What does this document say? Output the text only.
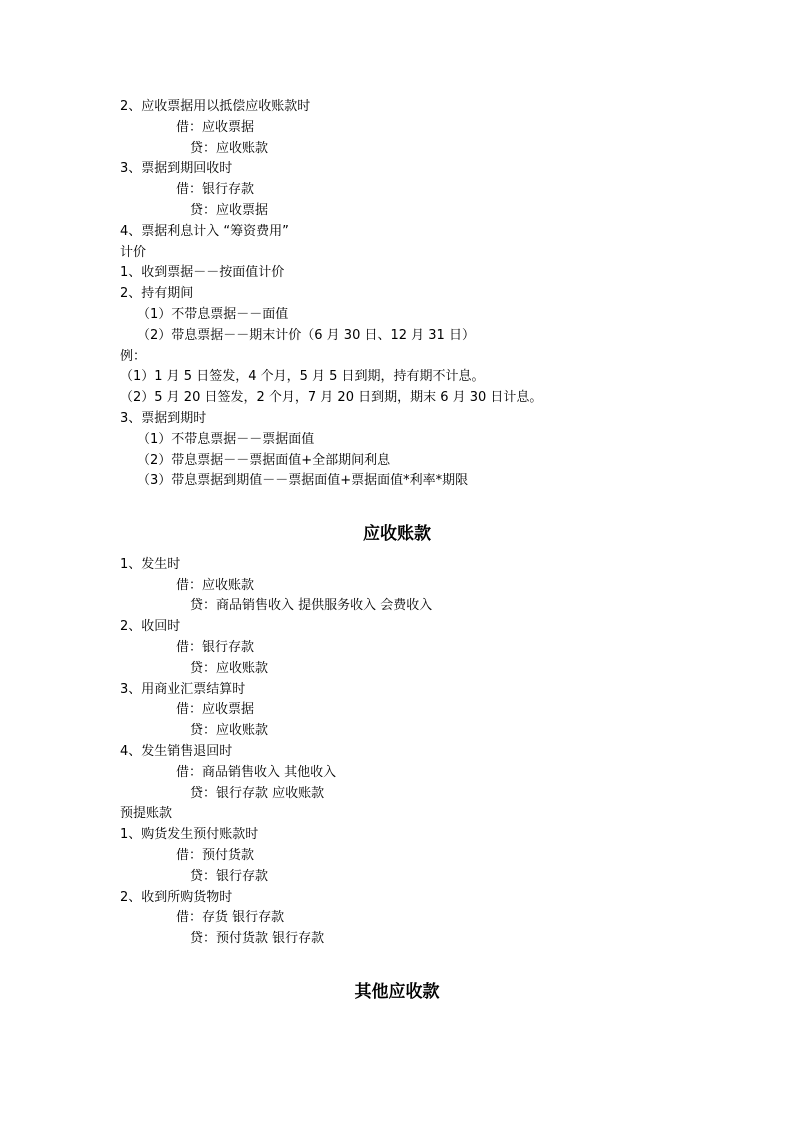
2、应收票据用以抵偿应收账款时
借：应收票据
贷：应收账款
3、票据到期回收时
借：银行存款
贷：应收票据
4、票据利息计入 “筹资费用”
计价
1、收到票据－－按面值计价
2、持有期间
（1）不带息票据－－面值
（2）带息票据－－期末计价（6 月 30 日、12 月 31 日）
例：
（1）1 月 5 日签发，4 个月，5 月 5 日到期，持有期不计息。
（2）5 月 20 日签发，2 个月，7 月 20 日到期，期末 6 月 30 日计息。
3、票据到期时
（1）不带息票据－－票据面值
（2）带息票据－－票据面值+全部期间利息
（3）带息票据到期值－－票据面值+票据面值*利率*期限
应收账款
1、发生时
借：应收账款
贷：商品销售收入 提供服务收入 会费收入
2、收回时
借：银行存款
贷：应收账款
3、用商业汇票结算时
借：应收票据
贷：应收账款
4、发生销售退回时
借：商品销售收入 其他收入
贷：银行存款 应收账款
预提账款
1、购货发生预付账款时
借：预付货款
贷：银行存款
2、收到所购货物时
借：存货 银行存款
贷：预付货款 银行存款
其他应收款
